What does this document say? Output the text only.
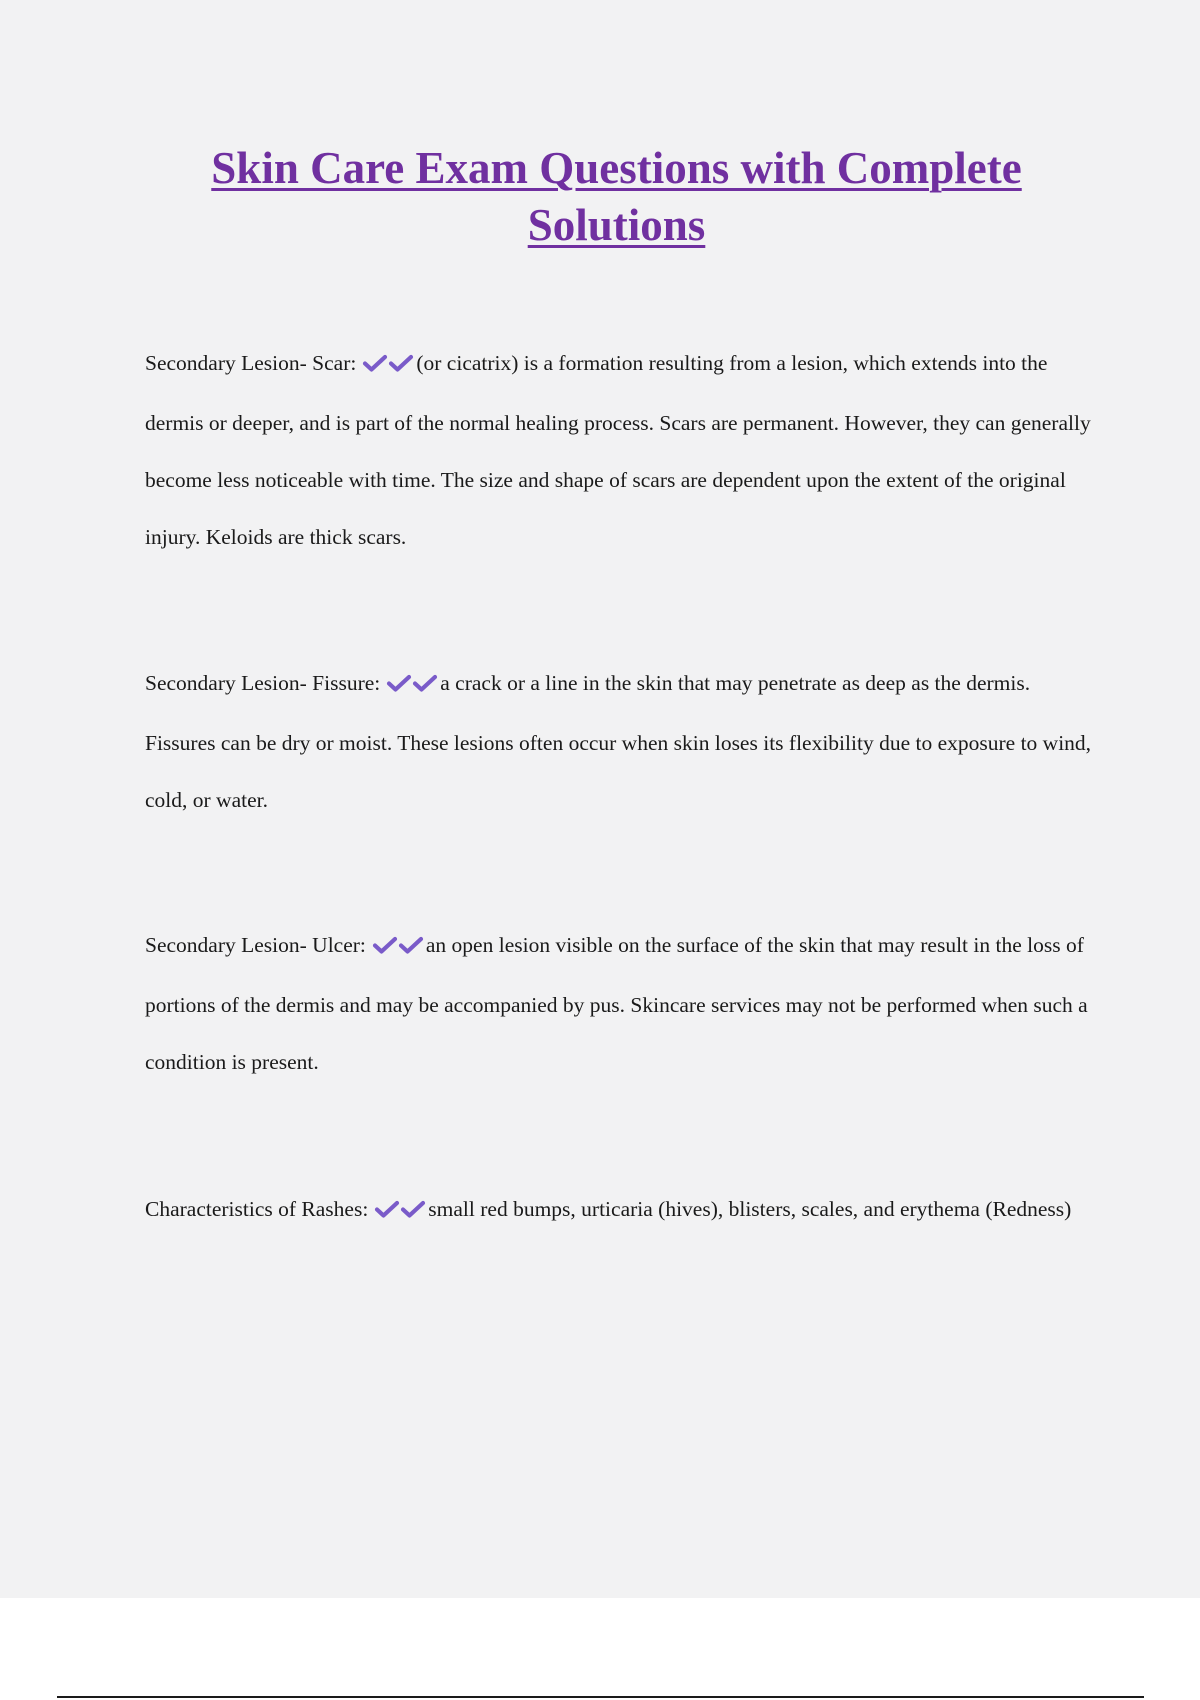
Skin Care Exam Questions with Complete Solutions

Secondary Lesion- Scar:	(or cicatrix) is a formation resulting from a lesion, which extends into the dermis or deeper, and is part of the normal healing process. Scars are permanent. However, they can generally become less noticeable with time. The size and shape of scars are dependent upon the extent of the original injury. Keloids are thick scars.

Secondary Lesion- Fissure:	a crack or a line in the skin that may penetrate as deep as the dermis. Fissures can be dry or moist. These lesions often occur when skin loses its flexibility due to exposure to wind, cold, or water.

Secondary Lesion- Ulcer:	an open lesion visible on the surface of the skin that may result in the loss of portions of the dermis and may be accompanied by pus. Skincare services may not be performed when such a condition is present.

Characteristics of Rashes:	small red bumps, urticaria (hives), blisters, scales, and erythema (Redness)
